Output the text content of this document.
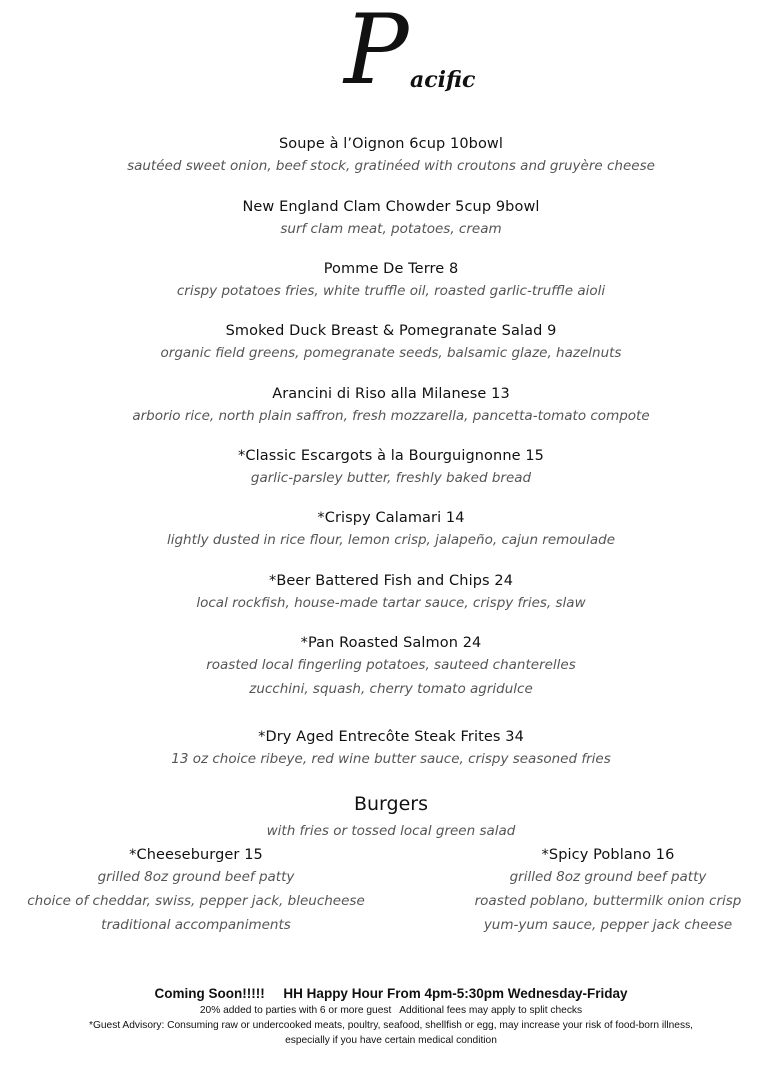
P acific
Soupe à l’Oignon 6cup 10bowl
sautéed sweet onion, beef stock, gratinéed with croutons and gruyère cheese
New England Clam Chowder 5cup 9bowl
surf clam meat, potatoes, cream
Pomme De Terre 8
crispy potatoes fries, white truffle oil, roasted garlic-truffle aioli
Smoked Duck Breast & Pomegranate Salad 9
organic field greens, pomegranate seeds, balsamic glaze, hazelnuts
Arancini di Riso alla Milanese 13
arborio rice, north plain saffron, fresh mozzarella, pancetta-tomato compote
*Classic Escargots à la Bourguignonne 15
garlic-parsley butter, freshly baked bread
*Crispy Calamari 14
lightly dusted in rice flour, lemon crisp, jalapeño, cajun remoulade
*Beer Battered Fish and Chips 24
local rockfish, house-made tartar sauce, crispy fries, slaw
*Pan Roasted Salmon 24
roasted local fingerling potatoes, sauteed chanterelles
zucchini, squash, cherry tomato agridulce
*Dry Aged Entrecôte Steak Frites 34
13 oz choice ribeye, red wine butter sauce, crispy seasoned fries
Burgers
with fries or tossed local green salad
*Cheeseburger 15
grilled 8oz ground beef patty
choice of cheddar, swiss, pepper jack, bleucheese
traditional accompaniments
*Spicy Poblano 16
grilled 8oz ground beef patty
roasted poblano, buttermilk onion crisp
yum-yum sauce, pepper jack cheese
Coming Soon!!!!!     HH Happy Hour From 4pm-5:30pm Wednesday-Friday
20% added to parties with 6 or more guest   Additional fees may apply to split checks
*Guest Advisory: Consuming raw or undercooked meats, poultry, seafood, shellfish or egg, may increase your risk of food-born illness,
especially if you have certain medical condition
